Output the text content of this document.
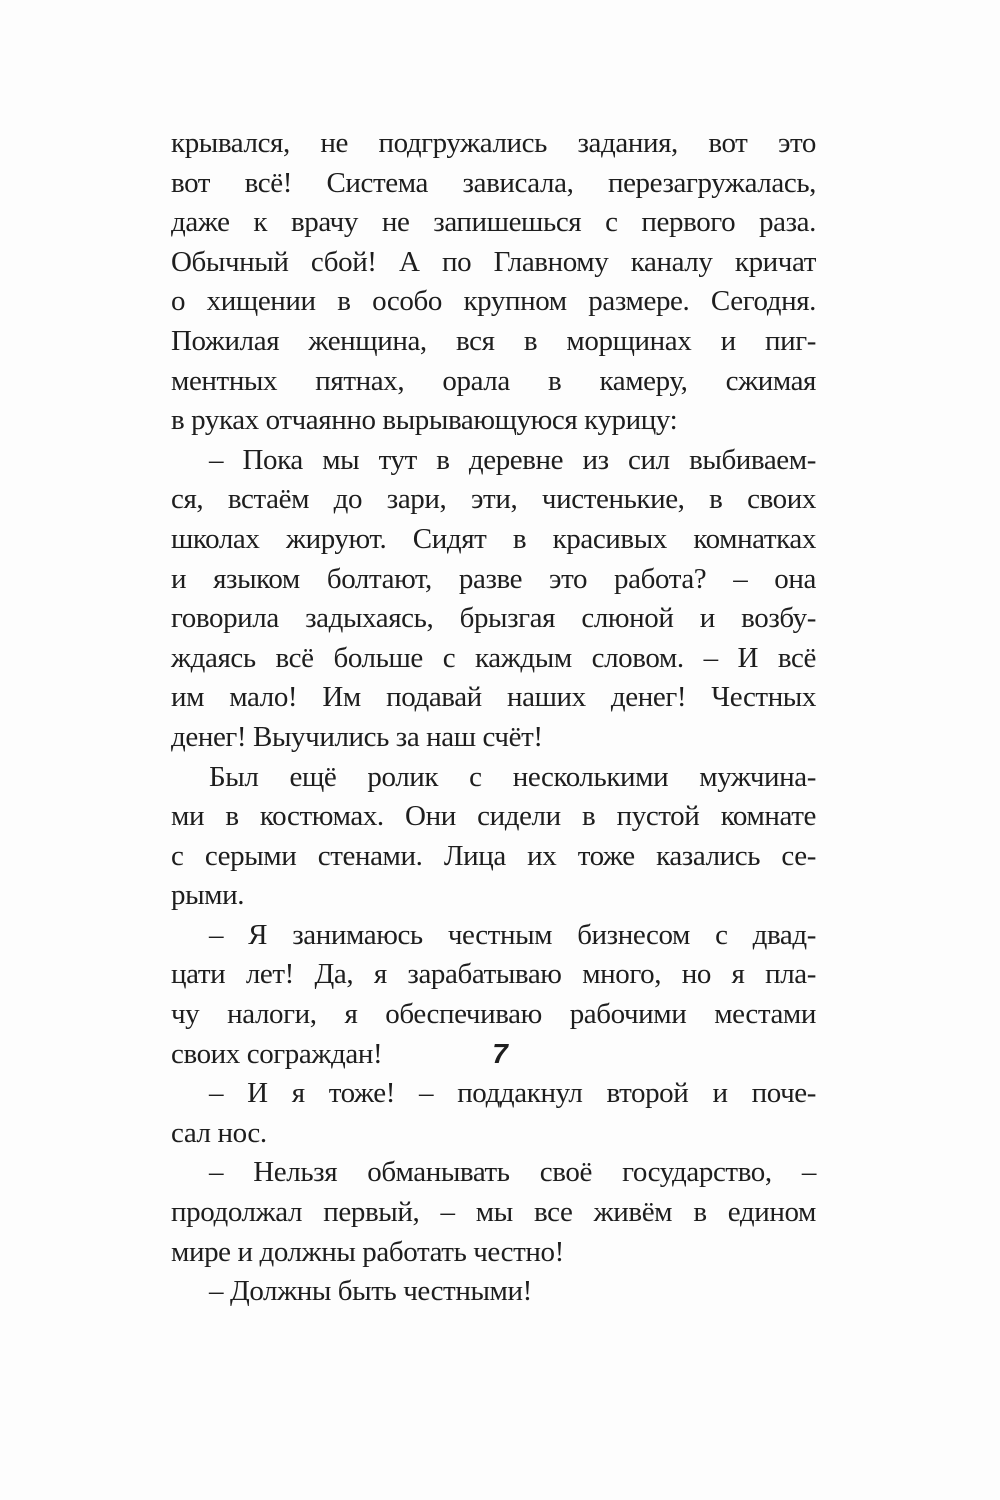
крывался, не подгружались задания, вот это
вот всё! Система зависала, перезагружалась,
даже к врачу не запишешься с первого раза.
Обычный сбой! А по Главному каналу кричат
о хищении в особо крупном размере. Сегодня.
Пожилая женщина, вся в морщинах и пиг-
ментных пятнах, орала в камеру, сжимая
в руках отчаянно вырывающуюся курицу:
– Пока мы тут в деревне из сил выбиваем-
ся, встаём до зари, эти, чистенькие, в своих
школах жируют. Сидят в красивых комнатках
и языком болтают, разве это работа? – она
говорила задыхаясь, брызгая слюной и возбу-
ждаясь всё больше с каждым словом. – И всё
им мало! Им подавай наших денег! Честных
денег! Выучились за наш счёт!
Был ещё ролик с несколькими мужчина-
ми в костюмах. Они сидели в пустой комнате
с серыми стенами. Лица их тоже казались се-
рыми.
– Я занимаюсь честным бизнесом с двад-
цати лет! Да, я зарабатываю много, но я пла-
чу налоги, я обеспечиваю рабочими местами
своих сограждан!
– И я тоже! – поддакнул второй и поче-
сал нос.
– Нельзя обманывать своё государство, –
продолжал первый, – мы все живём в едином
мире и должны работать честно!
– Должны быть честными!
7
